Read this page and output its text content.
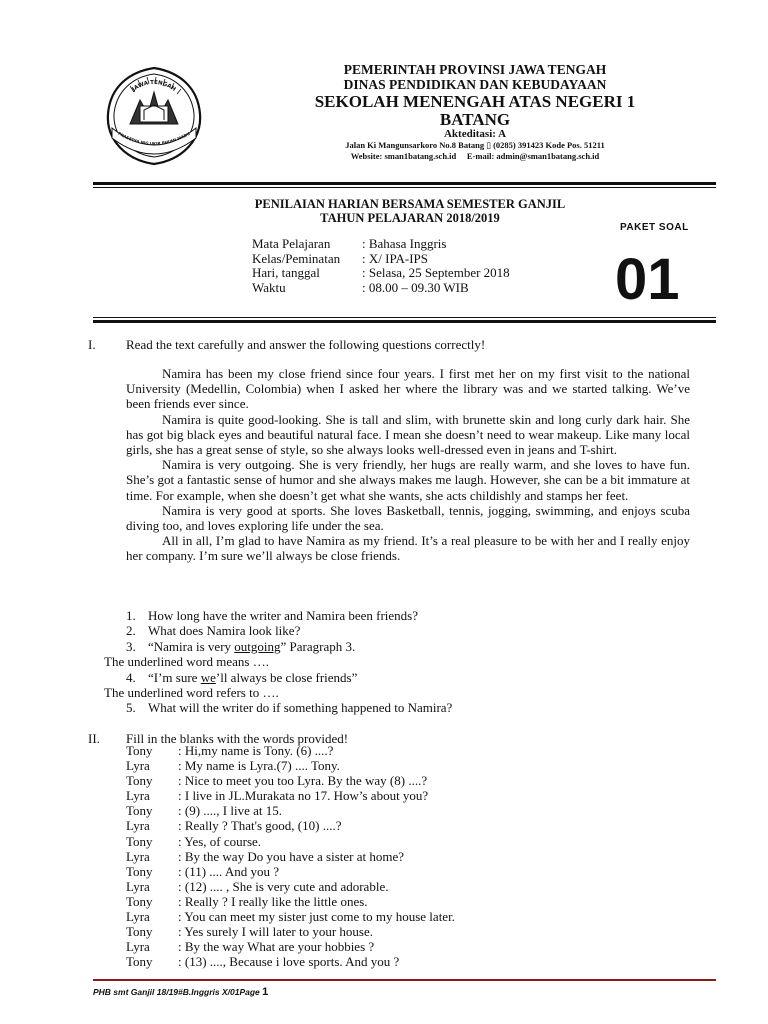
JAWA TENGAH
PRASETYA ING UKIR BHUMI MADU
PEMERINTAH PROVINSI JAWA TENGAH
DINAS PENDIDIKAN DAN KEBUDAYAAN
SEKOLAH MENENGAH ATAS NEGERI 1
BATANG
Akteditasi: A
Jalan Ki Mangunsarkoro No.8 Batang ▯ (0285) 391423 Kode Pos. 51211
Website: sman1batang.sch.id     E-mail: admin@sman1batang.sch.id
PENILAIAN HARIAN BERSAMA SEMESTER GANJIL
TAHUN PELAJARAN 2018/2019
PAKET SOAL
01
Mata Pelajaran	: Bahasa Inggris
Kelas/Peminatan	: X/ IPA-IPS
Hari, tanggal	: Selasa, 25 September 2018
Waktu	: 08.00 – 09.30 WIB
I. Read the text carefully and answer the following questions correctly!

Namira has been my close friend since four years. I first met her on my first visit to the national University (Medellin, Colombia) when I asked her where the library was and we started talking. We’ve been friends ever since.

Namira is quite good-looking. She is tall and slim, with brunette skin and long curly dark hair. She has got big black eyes and beautiful natural face. I mean she doesn’t need to wear makeup. Like many local girls, she has a great sense of style, so she always looks well-dressed even in jeans and T-shirt.

Namira is very outgoing. She is very friendly, her hugs are really warm, and she loves to have fun. She’s got a fantastic sense of humor and she always makes me laugh. However, she can be a bit immature at time. For example, when she doesn’t get what she wants, she acts childishly and stamps her feet.

Namira is very good at sports. She loves Basketball, tennis, jogging, swimming, and enjoys scuba diving too, and loves exploring life under the sea.

All in all, I’m glad to have Namira as my friend. It’s a real pleasure to be with her and I really enjoy her company. I’m sure we’ll always be close friends.

1. How long have the writer and Namira been friends?
2. What does Namira look like?
3. “Namira is very outgoing” Paragraph 3.
The underlined word means ….
4. “I’m sure we’ll always be close friends”
The underlined word refers to ….
5. What will the writer do if something happened to Namira?
II. Fill in the blanks with the words provided!
Tony	: Hi,my name is Tony. (6) ....?
Lyra	: My name is Lyra.(7) .... Tony.
Tony	: Nice to meet you too Lyra. By the way (8) ....?
Lyra	: I live in JL.Murakata no 17. How’s about you?
Tony	: (9) ...., I live at 15.
Lyra	: Really ? That's good, (10) ....?
Tony	: Yes, of course.
Lyra	: By the way Do you have a sister at home?
Tony	: (11) .... And you ?
Lyra	: (12) .... , She is very cute and adorable.
Tony	: Really ? I really like the little ones.
Lyra	: You can meet my sister just come to my house later.
Tony	: Yes surely I will later to your house.
Lyra	: By the way What are your hobbies ?
Tony	: (13) ...., Because i love sports. And you ?
PHB smt Ganjil 18/19#B.Inggris X/01Page 1
